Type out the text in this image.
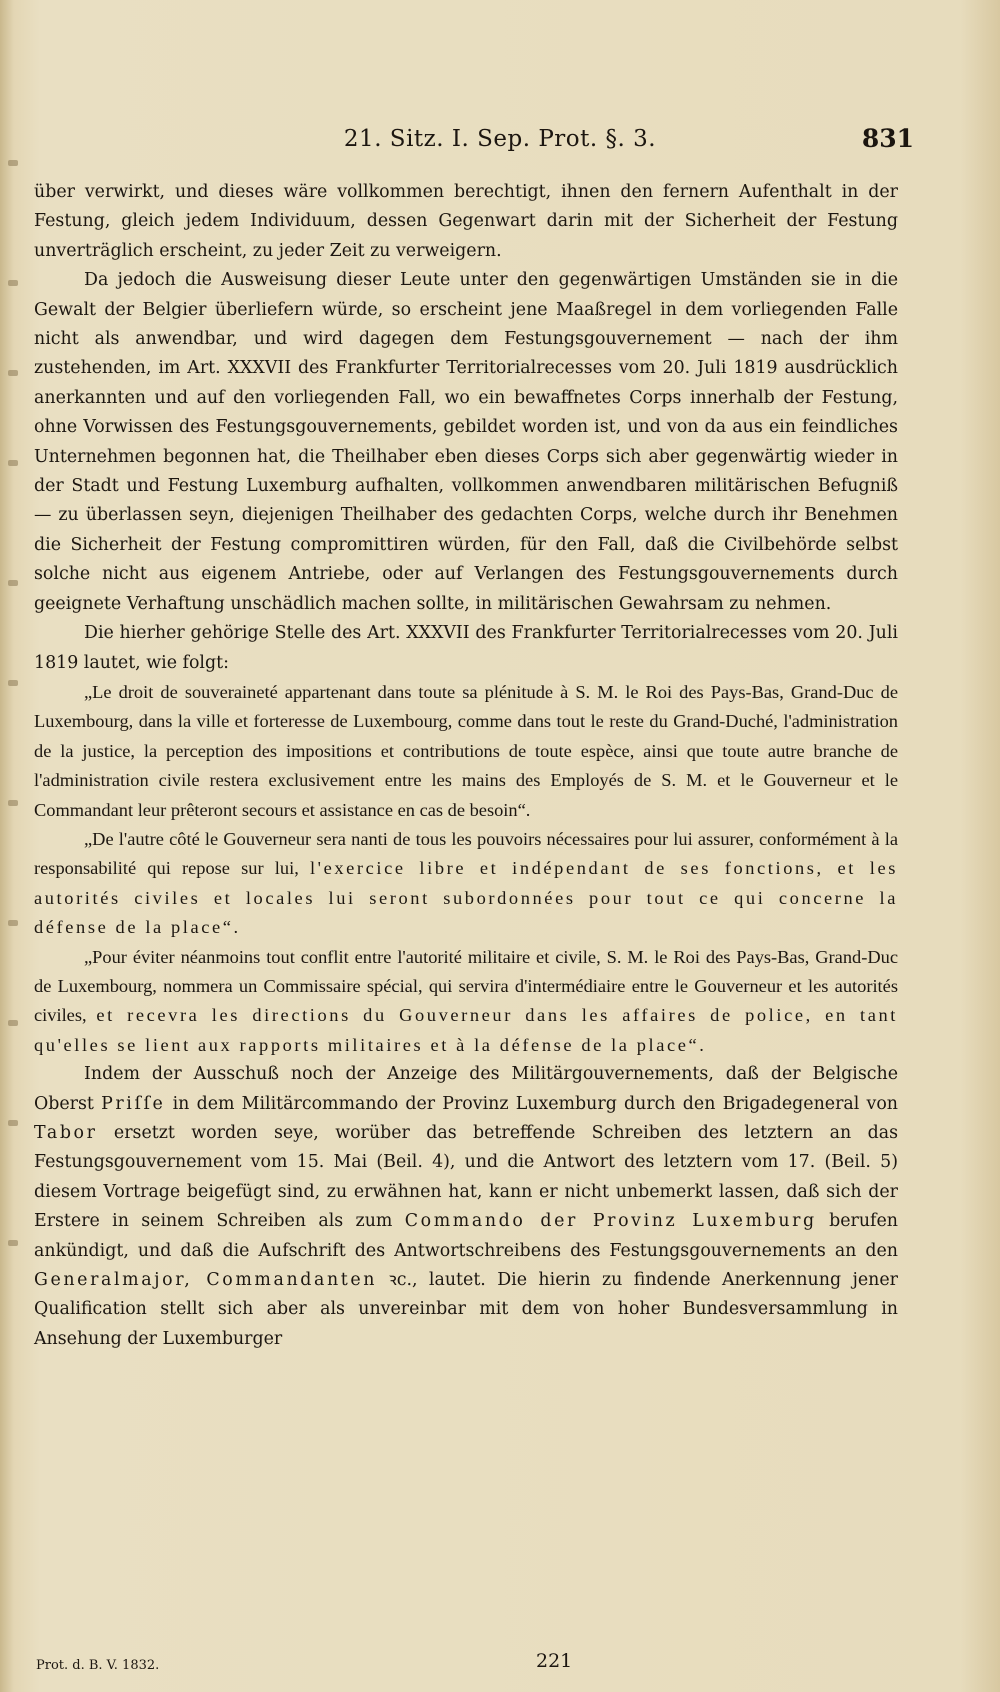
21. Sitz. I. Sep. Prot. §. 3.	831

über verwirkt, und dieses wäre vollkommen berechtigt, ihnen den fernern Aufenthalt in der Festung, gleich jedem Individuum, dessen Gegenwart darin mit der Sicherheit der Festung unverträglich erscheint, zu jeder Zeit zu verweigern.

Da jedoch die Ausweisung dieser Leute unter den gegenwärtigen Umständen sie in die Gewalt der Belgier überliefern würde, so erscheint jene Maaßregel in dem vorliegenden Falle nicht als anwendbar, und wird dagegen dem Festungsgouvernement — nach der ihm zustehenden, im Art. XXXVII des Frankfurter Territorialrecesses vom 20. Juli 1819 ausdrücklich anerkannten und auf den vorliegenden Fall, wo ein bewaffnetes Corps innerhalb der Festung, ohne Vorwissen des Festungsgouvernements, gebildet worden ist, und von da aus ein feindliches Unternehmen begonnen hat, die Theilhaber eben dieses Corps sich aber gegenwärtig wieder in der Stadt und Festung Luxemburg aufhalten, vollkommen anwendbaren militärischen Befugniß — zu überlassen seyn, diejenigen Theilhaber des gedachten Corps, welche durch ihr Benehmen die Sicherheit der Festung compromittiren würden, für den Fall, daß die Civilbehörde selbst solche nicht aus eigenem Antriebe, oder auf Verlangen des Festungsgouvernements durch geeignete Verhaftung unschädlich machen sollte, in militärischen Gewahrsam zu nehmen.

Die hierher gehörige Stelle des Art. XXXVII des Frankfurter Territorialrecesses vom 20. Juli 1819 lautet, wie folgt:

„Le droit de souveraineté appartenant dans toute sa plénitude à S. M. le Roi des Pays-Bas, Grand-Duc de Luxembourg, dans la ville et forteresse de Luxembourg, comme dans tout le reste du Grand-Duché, l'administration de la justice, la perception des impositions et contributions de toute espèce, ainsi que toute autre branche de l'administration civile restera exclusivement entre les mains des Employés de S. M. et le Gouverneur et le Commandant leur prêteront secours et assistance en cas de besoin“.

„De l'autre côté le Gouverneur sera nanti de tous les pouvoirs nécessaires pour lui assurer, conformément à la responsabilité qui repose sur lui, l'exercice libre et indépendant de ses fonctions, et les autorités civiles et locales lui seront subordonnées pour tout ce qui concerne la défense de la place“.

„Pour éviter néanmoins tout conflit entre l'autorité militaire et civile, S. M. le Roi des Pays-Bas, Grand-Duc de Luxembourg, nommera un Commissaire spécial, qui servira d'intermédiaire entre le Gouverneur et les autorités civiles, et recevra les directions du Gouverneur dans les affaires de police, en tant qu'elles se lient aux rapports militaires et à la défense de la place“.

Indem der Ausschuß noch der Anzeige des Militärgouvernements, daß der Belgische Oberst Priſſe in dem Militärcommando der Provinz Luxemburg durch den Brigadegeneral von Tabor ersetzt worden seye, worüber das betreffende Schreiben des letztern an das Festungsgouvernement vom 15. Mai (Beil. 4), und die Antwort des letztern vom 17. (Beil. 5) diesem Vortrage beigefügt sind, zu erwähnen hat, kann er nicht unbemerkt lassen, daß sich der Erstere in seinem Schreiben als zum Commando der Provinz Luxemburg berufen ankündigt, und daß die Aufschrift des Antwortschreibens des Festungsgouvernements an den Generalmajor, Commandanten ꝛc., lautet. Die hierin zu findende Anerkennung jener Qualification stellt sich aber als unvereinbar mit dem von hoher Bundesversammlung in Ansehung der Luxemburger

Prot. d. B. V. 1832.	221
